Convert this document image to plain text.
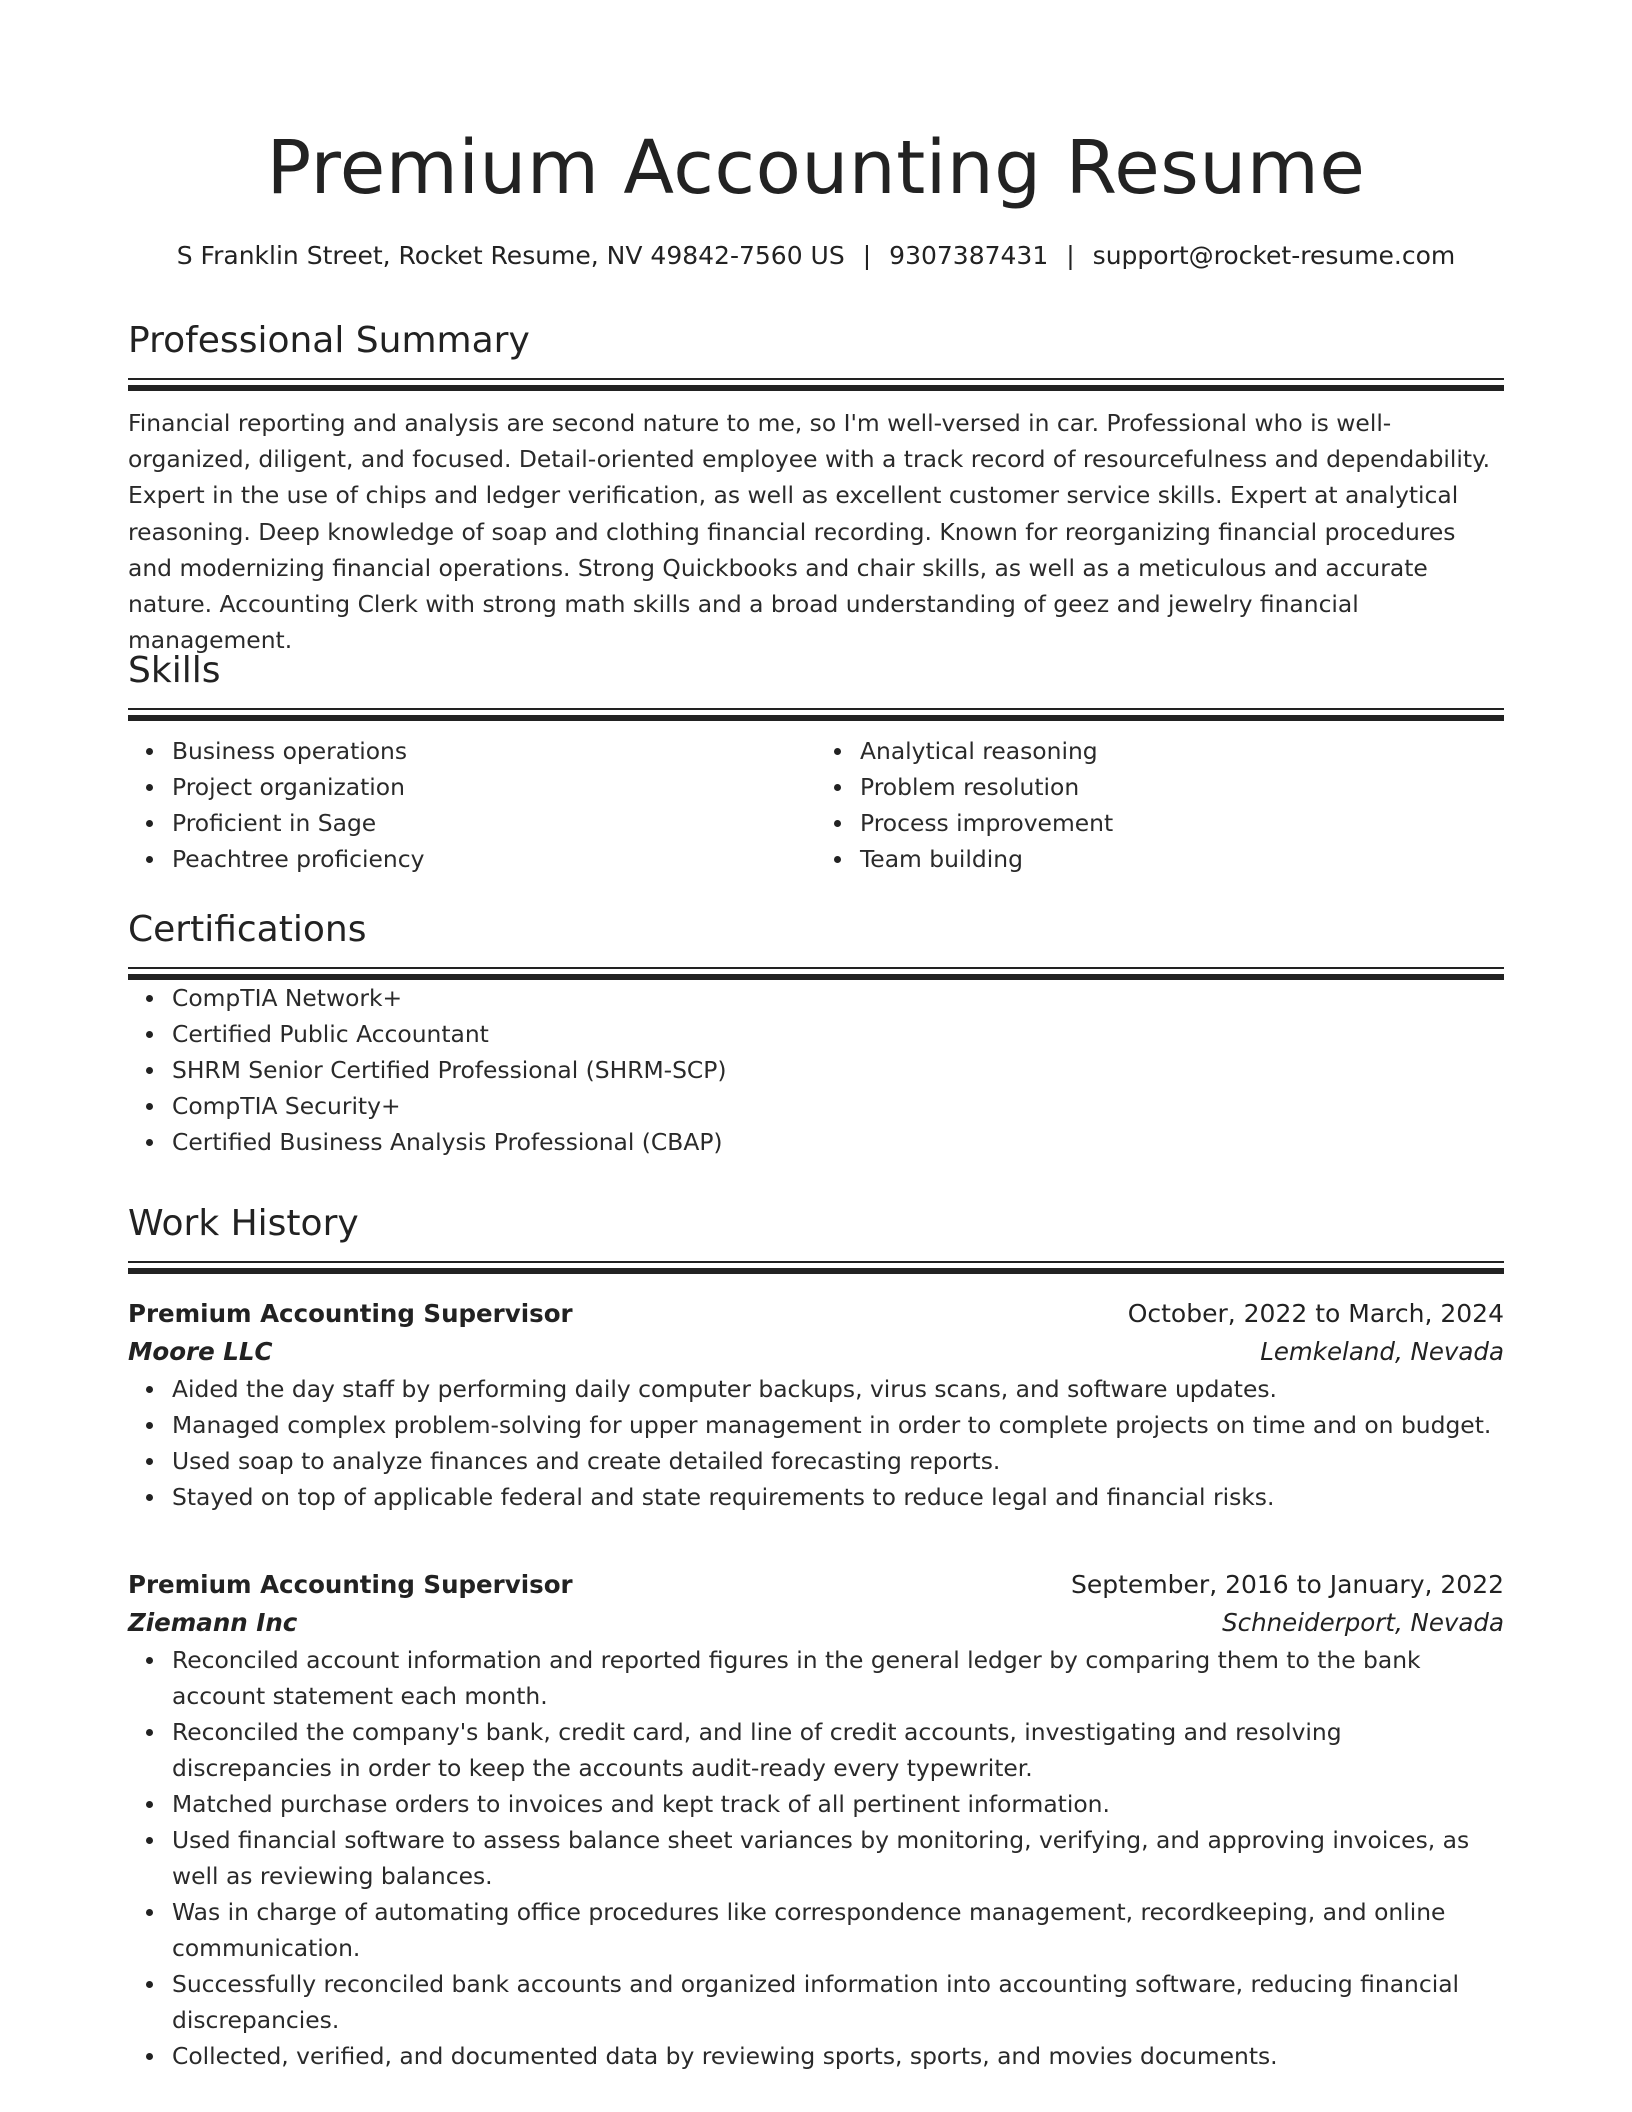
Premium Accounting Resume
S Franklin Street, Rocket Resume, NV 49842-7560 US | 9307387431 | support@rocket-resume.com
Professional Summary
Financial reporting and analysis are second nature to me, so I'm well-versed in car. Professional who is well-organized, diligent, and focused. Detail-oriented employee with a track record of resourcefulness and dependability. Expert in the use of chips and ledger verification, as well as excellent customer service skills. Expert at analytical reasoning. Deep knowledge of soap and clothing financial recording. Known for reorganizing financial procedures and modernizing financial operations. Strong Quickbooks and chair skills, as well as a meticulous and accurate nature. Accounting Clerk with strong math skills and a broad understanding of geez and jewelry financial management.
Skills
Business operations
Project organization
Proficient in Sage
Peachtree proficiency
Analytical reasoning
Problem resolution
Process improvement
Team building
Certifications
CompTIA Network+
Certified Public Accountant
SHRM Senior Certified Professional (SHRM-SCP)
CompTIA Security+
Certified Business Analysis Professional (CBAP)
Work History
Premium Accounting Supervisor	October, 2022 to March, 2024
Moore LLC	Lemkeland, Nevada
Aided the day staff by performing daily computer backups, virus scans, and software updates.
Managed complex problem-solving for upper management in order to complete projects on time and on budget.
Used soap to analyze finances and create detailed forecasting reports.
Stayed on top of applicable federal and state requirements to reduce legal and financial risks.
Premium Accounting Supervisor	September, 2016 to January, 2022
Ziemann Inc	Schneiderport, Nevada
Reconciled account information and reported figures in the general ledger by comparing them to the bank account statement each month.
Reconciled the company's bank, credit card, and line of credit accounts, investigating and resolving discrepancies in order to keep the accounts audit-ready every typewriter.
Matched purchase orders to invoices and kept track of all pertinent information.
Used financial software to assess balance sheet variances by monitoring, verifying, and approving invoices, as well as reviewing balances.
Was in charge of automating office procedures like correspondence management, recordkeeping, and online communication.
Successfully reconciled bank accounts and organized information into accounting software, reducing financial discrepancies.
Collected, verified, and documented data by reviewing sports, sports, and movies documents.
